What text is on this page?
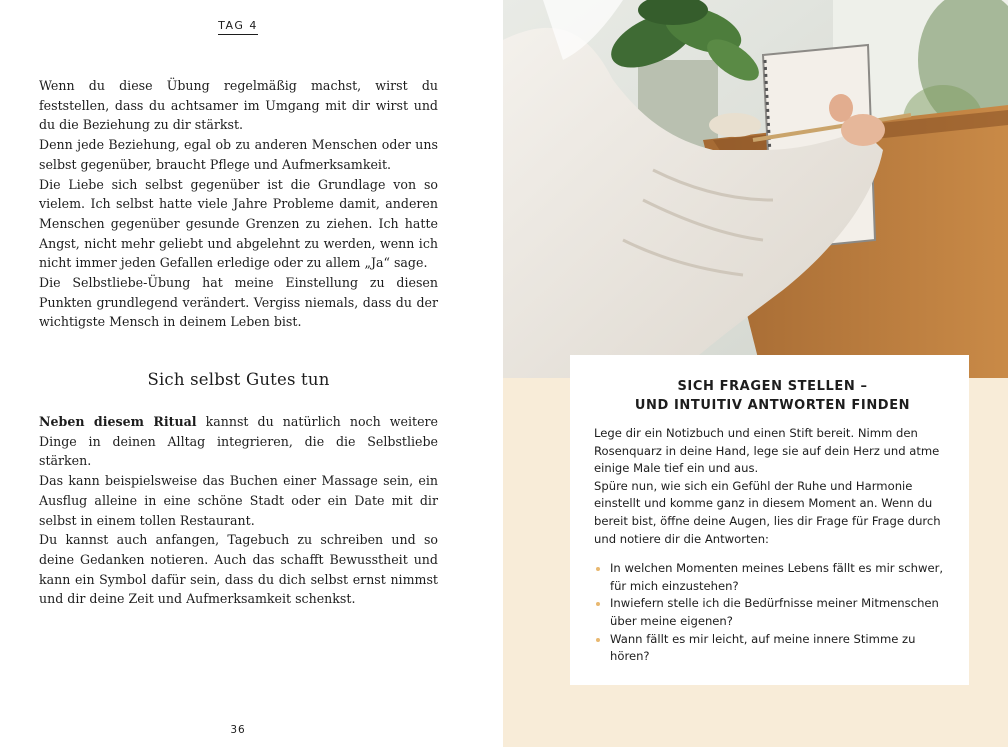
TAG 4

Wenn du diese Übung regelmäßig machst, wirst du feststellen, dass du achtsamer im Umgang mit dir wirst und du die Beziehung zu dir stärkst.

Denn jede Beziehung, egal ob zu anderen Menschen oder uns selbst gegenüber, braucht Pflege und Aufmerksamkeit.

Die Liebe sich selbst gegenüber ist die Grundlage von so vielem. Ich selbst hatte viele Jahre Probleme damit, anderen Menschen gegenüber gesunde Grenzen zu ziehen. Ich hatte Angst, nicht mehr geliebt und abgelehnt zu werden, wenn ich nicht immer jeden Gefallen erledige oder zu allem „Ja“ sage.

Die Selbstliebe-Übung hat meine Einstellung zu diesen Punkten grundlegend verändert. Vergiss niemals, dass du der wichtigste Mensch in deinem Leben bist.

Sich selbst Gutes tun

Neben diesem Ritual kannst du natürlich noch weitere Dinge in deinen Alltag integrieren, die die Selbstliebe stärken.

Das kann beispielsweise das Buchen einer Massage sein, ein Ausflug alleine in eine schöne Stadt oder ein Date mit dir selbst in einem tollen Restaurant.

Du kannst auch anfangen, Tagebuch zu schreiben und so deine Gedanken notieren. Auch das schafft Bewusstheit und kann ein Symbol dafür sein, dass du dich selbst ernst nimmst und dir deine Zeit und Aufmerksamkeit schenkst.

36
SICH FRAGEN STELLEN –
UND INTUITIV ANTWORTEN FINDEN

Lege dir ein Notizbuch und einen Stift bereit. Nimm den Rosenquarz in deine Hand, lege sie auf dein Herz und atme einige Male tief ein und aus.

Spüre nun, wie sich ein Gefühl der Ruhe und Harmonie einstellt und komme ganz in diesem Moment an. Wenn du bereit bist, öffne deine Augen, lies dir Frage für Frage durch und notiere dir die Antworten:

In welchen Momenten meines Lebens fällt es mir schwer, für mich einzustehen?
Inwiefern stelle ich die Bedürfnisse meiner Mitmenschen über meine eigenen?
Wann fällt es mir leicht, auf meine innere Stimme zu hören?
